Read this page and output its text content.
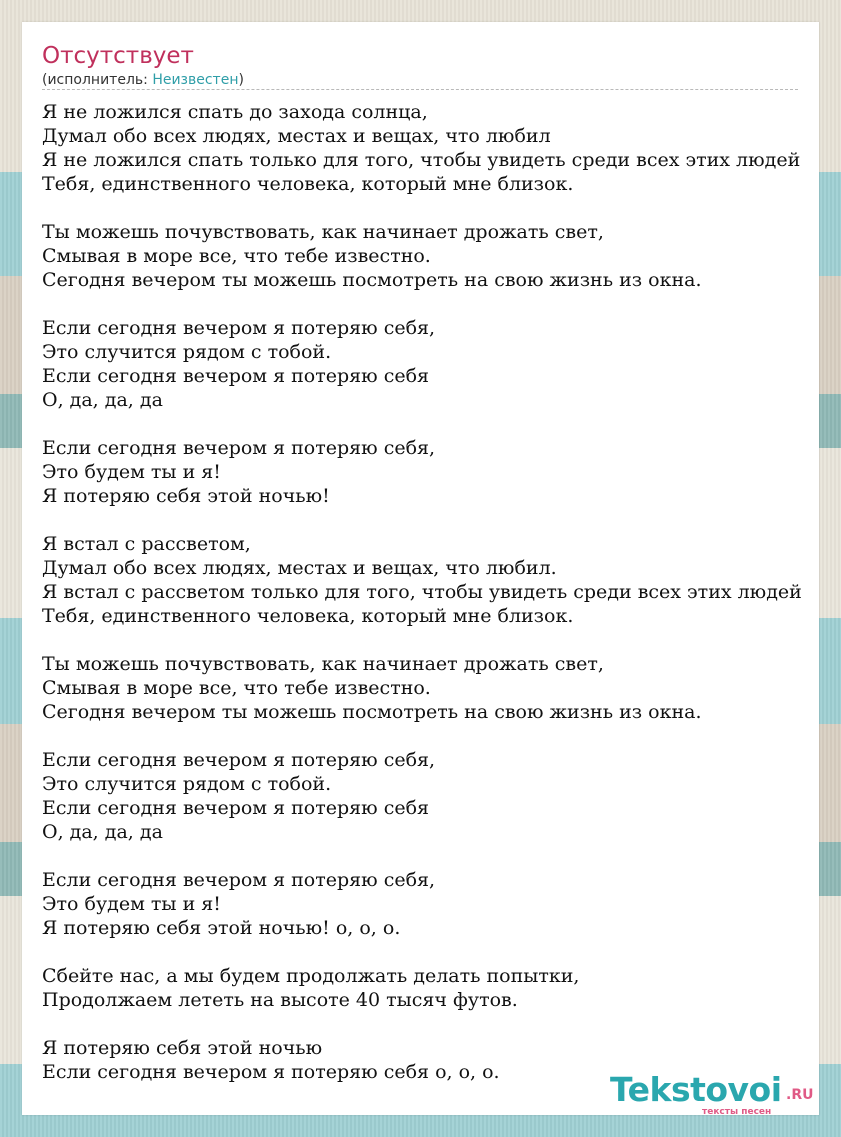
Отсутствует
(исполнитель: Неизвестен)
Я не ложился спать до захода солнца,
Думал обо всех людях, местах и вещах, что любил
Я не ложился спать только для того, чтобы увидеть среди всех этих людей
Тебя, единственного человека, который мне близок.

Ты можешь почувствовать, как начинает дрожать свет,
Смывая в море все, что тебе известно.
Сегодня вечером ты можешь посмотреть на свою жизнь из окна.

Если сегодня вечером я потеряю себя,
Это случится рядом с тобой.
Если сегодня вечером я потеряю себя
О, да, да, да

Если сегодня вечером я потеряю себя,
Это будем ты и я!
Я потеряю себя этой ночью!

Я встал с рассветом,
Думал обо всех людях, местах и вещах, что любил.
Я встал с рассветом только для того, чтобы увидеть среди всех этих людей
Тебя, единственного человека, который мне близок.

Ты можешь почувствовать, как начинает дрожать свет,
Смывая в море все, что тебе известно.
Сегодня вечером ты можешь посмотреть на свою жизнь из окна.

Если сегодня вечером я потеряю себя,
Это случится рядом с тобой.
Если сегодня вечером я потеряю себя
О, да, да, да

Если сегодня вечером я потеряю себя,
Это будем ты и я!
Я потеряю себя этой ночью! о, о, о.

Сбейте нас, а мы будем продолжать делать попытки,
Продолжаем лететь на высоте 40 тысяч футов.

Я потеряю себя этой ночью
Если сегодня вечером я потеряю себя о, о, о.	Tekstovoi .RU
тексты песен
